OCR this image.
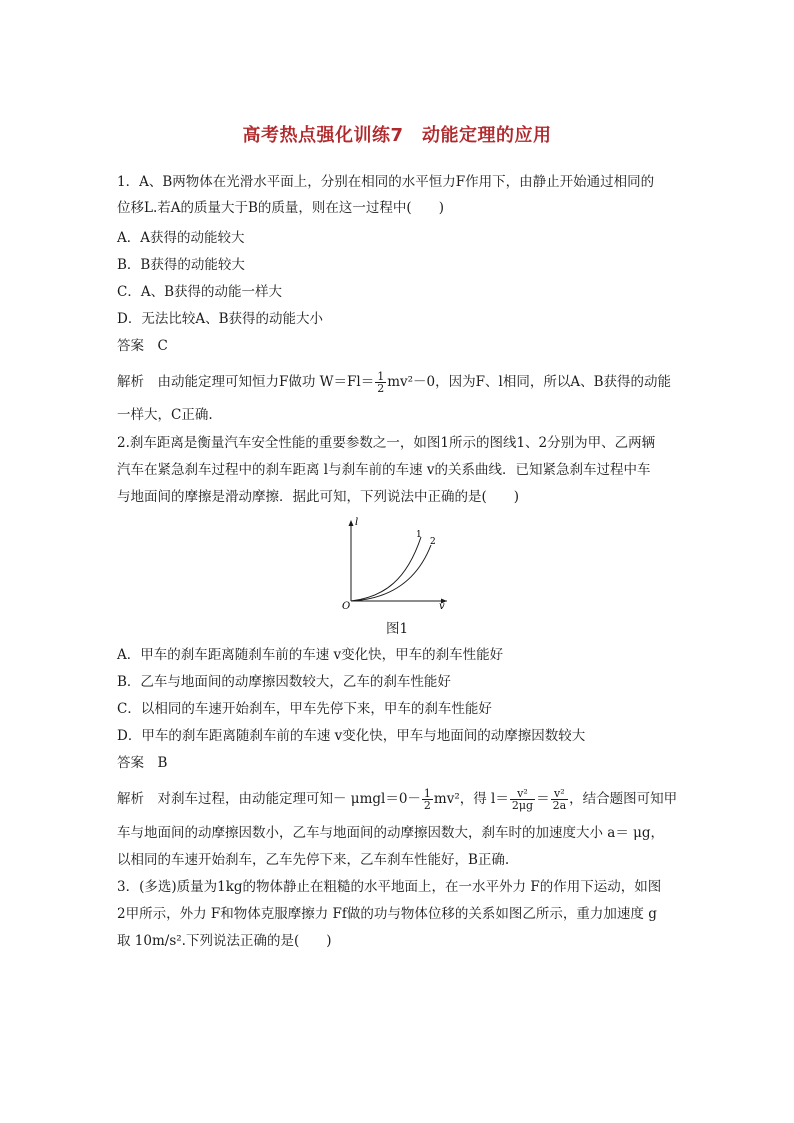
高考热点强化训练7　动能定理的应用
1．A、B两物体在光滑水平面上，分别在相同的水平恒力F作用下，由静止开始通过相同的
位移L.若A的质量大于B的质量，则在这一过程中(　　)
A．A获得的动能较大
B．B获得的动能较大
C．A、B获得的动能一样大
D．无法比较A、B获得的动能大小
答案　C
解析　由动能定理可知恒力F做功 $W=Fl= \frac{1}{2} mv^2-0$，因为F、l相同，所以A、B获得的动能
一样大，C正确.
2.刹车距离是衡量汽车安全性能的重要参数之一，如图1所示的图线1、2分别为甲、乙两辆
汽车在紧急刹车过程中的刹车距离 l与刹车前的车速 v的关系曲线．已知紧急刹车过程中车
与地面间的摩擦是滑动摩擦．据此可知，下列说法中正确的是(　　)
l
v
O
1
2
图1
A．甲车的刹车距离随刹车前的车速 v变化快，甲车的刹车性能好
B．乙车与地面间的动摩擦因数较大，乙车的刹车性能好
C．以相同的车速开始刹车，甲车先停下来，甲车的刹车性能好
D．甲车的刹车距离随刹车前的车速 v变化快，甲车与地面间的动摩擦因数较大
答案　B
解析　对刹车过程，由动能定理可知－ $\mu mgl=0- \frac{1}{2} mv^2$，得 $l= \frac{\text{v²}}{2\mu g} = \frac{\text{v²}}{2a}$ ，结合题图可知甲
车与地面间的动摩擦因数小，乙车与地面间的动摩擦因数大，刹车时的加速度大小 a＝ μg，
以相同的车速开始刹车，乙车先停下来，乙车刹车性能好，B正确.
3．(多选)质量为1kg的物体静止在粗糙的水平地面上，在一水平外力 F的作用下运动，如图
2甲所示，外力 F和物体克服摩擦力 Ff做的功与物体位移的关系如图乙所示，重力加速度 g
取 10m/s².下列说法正确的是(　　)
